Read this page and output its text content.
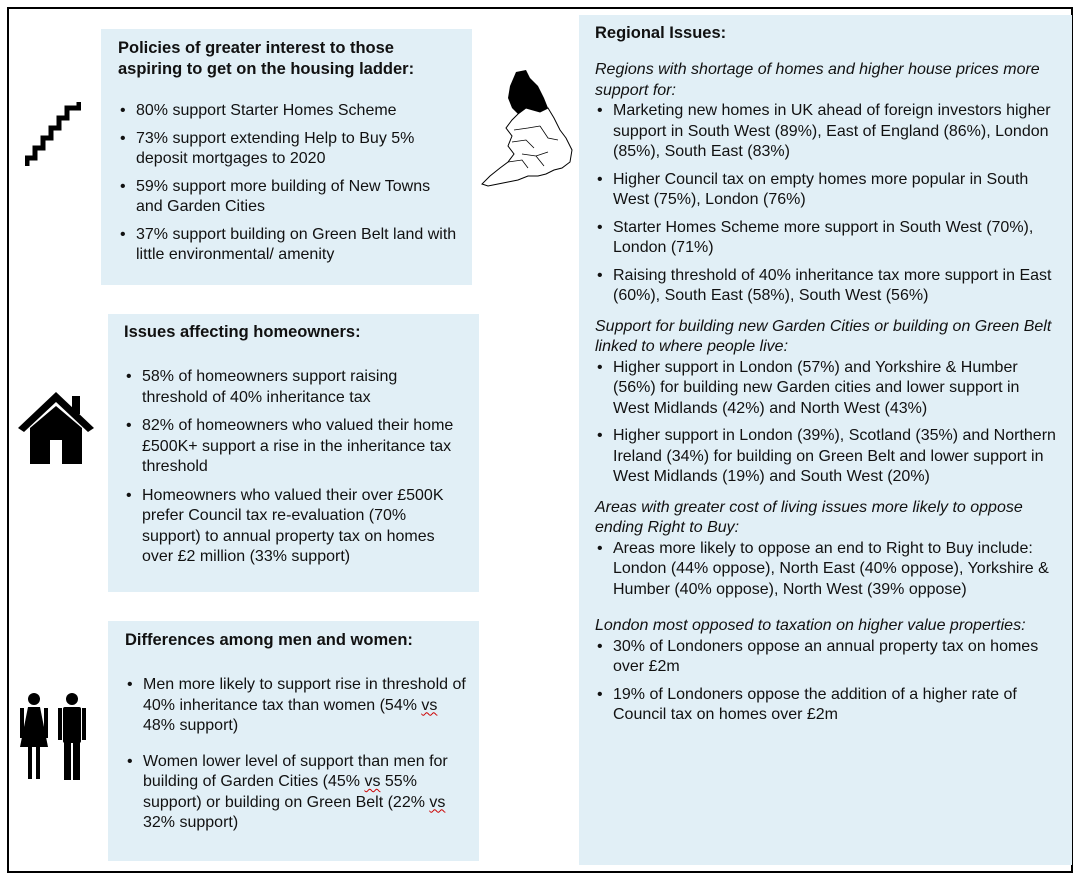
Policies of greater interest to those
aspiring to get on the housing ladder:
• 80% support Starter Homes Scheme
• 73% support extending Help to Buy 5% deposit mortgages to 2020
• 59% support more building of New Towns and Garden Cities
• 37% support building on Green Belt land with little environmental/ amenity
Issues affecting homeowners:
• 58% of homeowners support raising threshold of 40% inheritance tax
• 82% of homeowners who valued their home £500K+ support a rise in the inheritance tax threshold
• Homeowners who valued their over £500K prefer Council tax re-evaluation (70% support) to annual property tax on homes over £2 million (33% support)
Differences among men and women:
• Men more likely to support rise in threshold of 40% inheritance tax than women (54% vs 48% support)
• Women lower level of support than men for building of Garden Cities (45% vs 55% support) or building on Green Belt (22% vs 32% support)
Regional Issues:
Regions with shortage of homes and higher house prices more support for:
• Marketing new homes in UK ahead of foreign investors higher support in South West (89%), East of England (86%), London (85%), South East (83%)
• Higher Council tax on empty homes more popular in South West (75%), London (76%)
• Starter Homes Scheme more support in South West (70%), London (71%)
• Raising threshold of 40% inheritance tax more support in East (60%), South East (58%), South West (56%)
Support for building new Garden Cities or building on Green Belt linked to where people live:
• Higher support in London (57%) and Yorkshire & Humber (56%) for building new Garden cities and lower support in West Midlands (42%) and North West (43%)
• Higher support in London (39%), Scotland (35%) and Northern Ireland (34%) for building on Green Belt and lower support in West Midlands (19%) and South West (20%)
Areas with greater cost of living issues more likely to oppose ending Right to Buy:
• Areas more likely to oppose an end to Right to Buy include: London (44% oppose), North East (40% oppose), Yorkshire & Humber (40% oppose), North West (39% oppose)
London most opposed to taxation on higher value properties:
• 30% of Londoners oppose an annual property tax on homes over £2m
• 19% of Londoners oppose the addition of a higher rate of Council tax on homes over £2m
